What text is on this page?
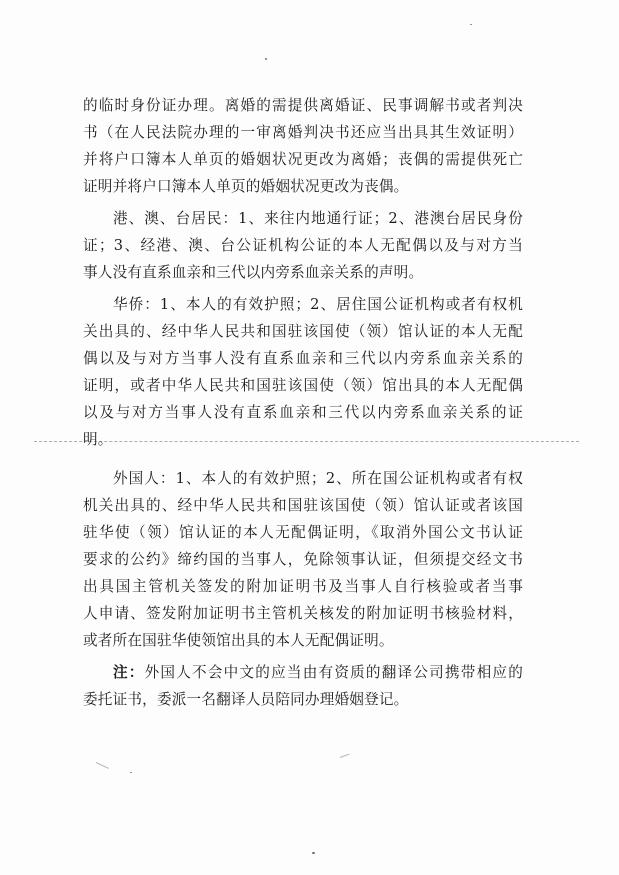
的临时身份证办理。离婚的需提供离婚证、民事调解书或者判决
书（在人民法院办理的一审离婚判决书还应当出具其生效证明）
并将户口簿本人单页的婚姻状况更改为离婚；丧偶的需提供死亡
证明并将户口簿本人单页的婚姻状况更改为丧偶。
港、澳、台居民：1、来往内地通行证；2、港澳台居民身份
证；3、经港、澳、台公证机构公证的本人无配偶以及与对方当
事人没有直系血亲和三代以内旁系血亲关系的声明。
华侨：1、本人的有效护照；2、居住国公证机构或者有权机
关出具的、经中华人民共和国驻该国使（领）馆认证的本人无配
偶以及与对方当事人没有直系血亲和三代以内旁系血亲关系的
证明，或者中华人民共和国驻该国使（领）馆出具的本人无配偶
以及与对方当事人没有直系血亲和三代以内旁系血亲关系的证
明。
外国人：1、本人的有效护照；2、所在国公证机构或者有权
机关出具的、经中华人民共和国驻该国使（领）馆认证或者该国
驻华使（领）馆认证的本人无配偶证明，《取消外国公文书认证
要求的公约》缔约国的当事人，免除领事认证，但须提交经文书
出具国主管机关签发的附加证明书及当事人自行核验或者当事
人申请、签发附加证明书主管机关核发的附加证明书核验材料，
或者所在国驻华使领馆出具的本人无配偶证明。
注：外国人不会中文的应当由有资质的翻译公司携带相应的
委托证书，委派一名翻译人员陪同办理婚姻登记。
